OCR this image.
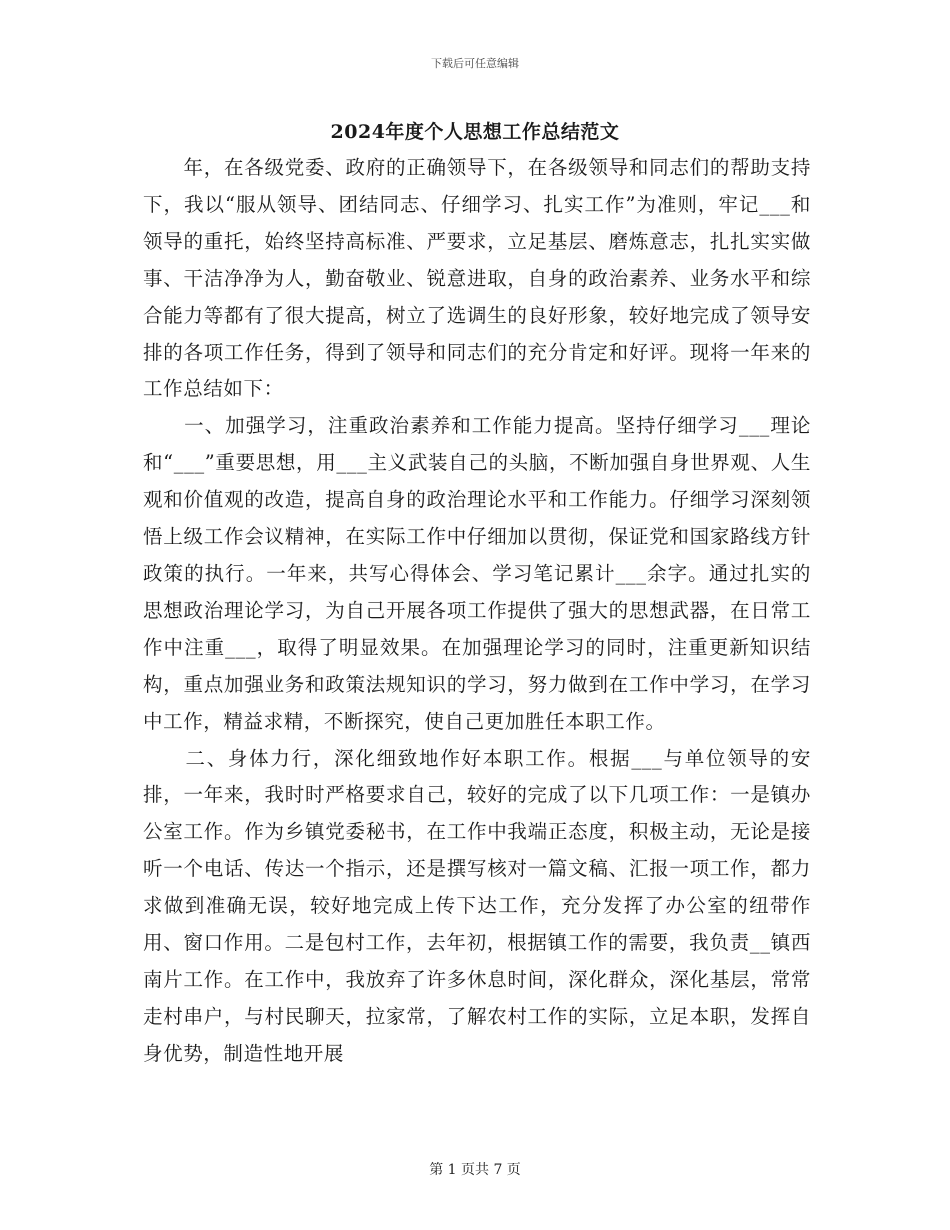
下载后可任意编辑
2024年度个人思想工作总结范文

　　年，在各级党委、政府的正确领导下，在各级领导和同志们的帮助支持下，我以“服从领导、团结同志、仔细学习、扎实工作”为准则，牢记___和领导的重托，始终坚持高标准、严要求，立足基层、磨炼意志，扎扎实实做事、干洁净净为人，勤奋敬业、锐意进取，自身的政治素养、业务水平和综合能力等都有了很大提高，树立了选调生的良好形象，较好地完成了领导安排的各项工作任务，得到了领导和同志们的充分肯定和好评。现将一年来的工作总结如下：

　　一、加强学习，注重政治素养和工作能力提高。坚持仔细学习___理论和“___”重要思想，用___主义武装自己的头脑，不断加强自身世界观、人生观和价值观的改造，提高自身的政治理论水平和工作能力。仔细学习深刻领悟上级工作会议精神，在实际工作中仔细加以贯彻，保证党和国家路线方针政策的执行。一年来，共写心得体会、学习笔记累计___余字。通过扎实的思想政治理论学习，为自己开展各项工作提供了强大的思想武器，在日常工作中注重___，取得了明显效果。在加强理论学习的同时，注重更新知识结构，重点加强业务和政策法规知识的学习，努力做到在工作中学习，在学习中工作，精益求精，不断探究，使自己更加胜任本职工作。

　　二、身体力行，深化细致地作好本职工作。根据___与单位领导的安排，一年来，我时时严格要求自己，较好的完成了以下几项工作：一是镇办公室工作。作为乡镇党委秘书，在工作中我端正态度，积极主动，无论是接听一个电话、传达一个指示，还是撰写核对一篇文稿、汇报一项工作，都力求做到准确无误，较好地完成上传下达工作，充分发挥了办公室的纽带作用、窗口作用。二是包村工作，去年初，根据镇工作的需要，我负责__镇西南片工作。在工作中，我放弃了许多休息时间，深化群众，深化基层，常常走村串户，与村民聊天，拉家常，了解农村工作的实际，立足本职，发挥自身优势，制造性地开展

第 1 页共 7 页
